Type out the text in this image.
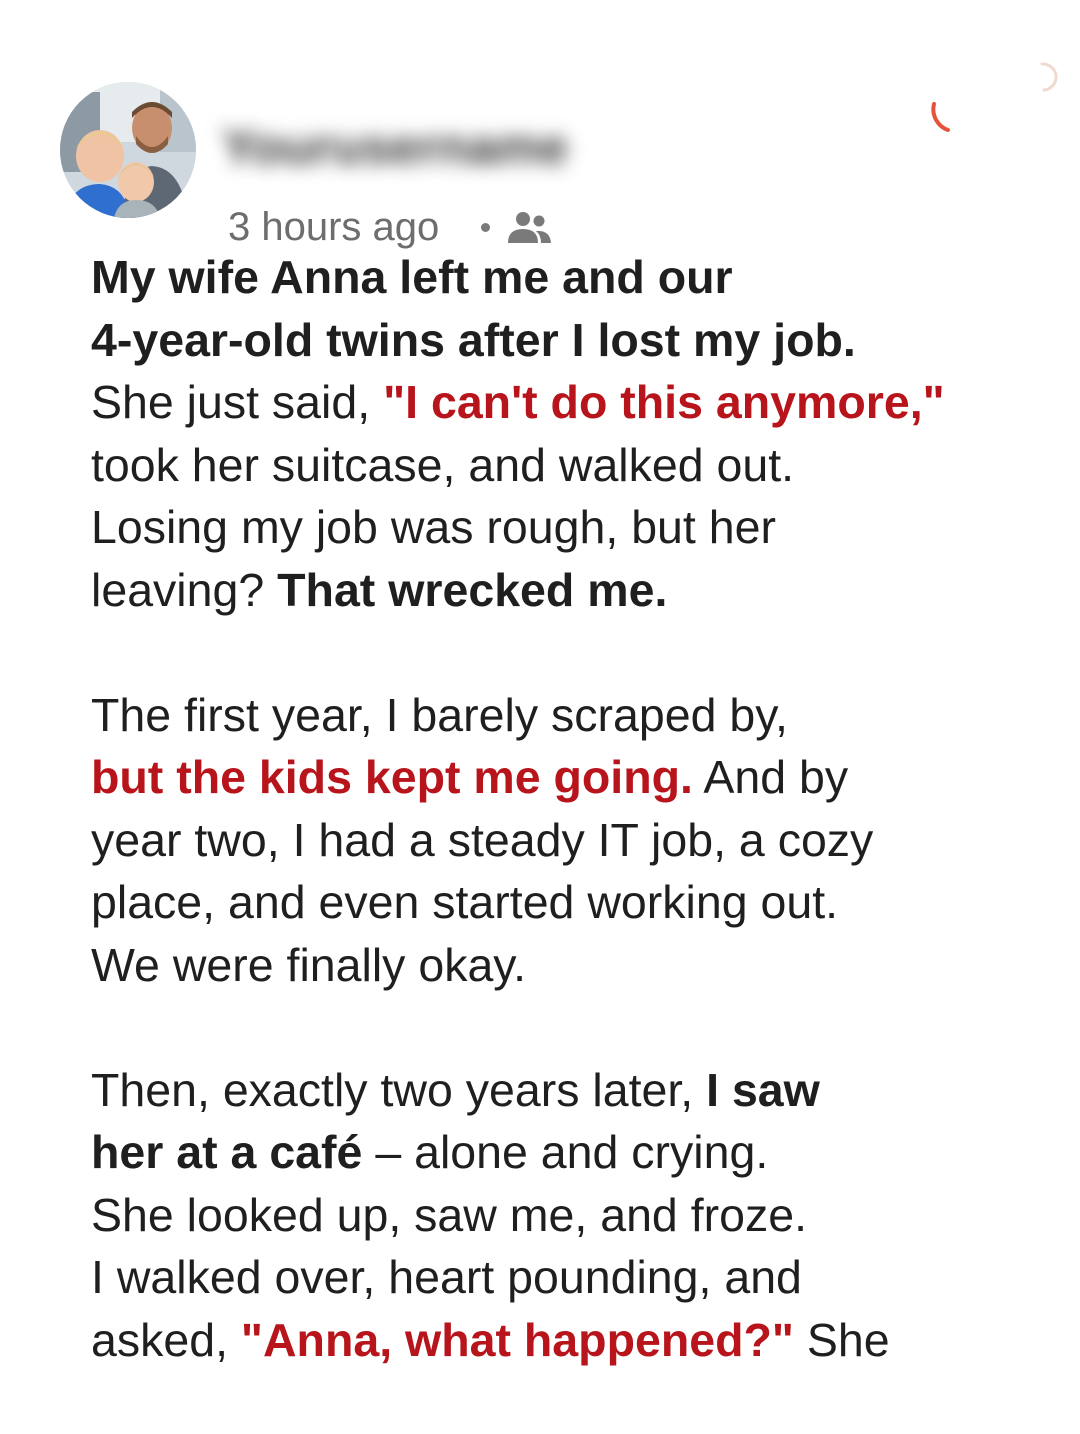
Yourusername
3 hours ago

My wife Anna left me and our
4-year-old twins after I lost my job.
She just said, "I can't do this anymore,"
took her suitcase, and walked out.
Losing my job was rough, but her
leaving? That wrecked me.

The first year, I barely scraped by,
but the kids kept me going. And by
year two, I had a steady IT job, a cozy
place, and even started working out.
We were finally okay.

Then, exactly two years later, I saw
her at a café – alone and crying.
She looked up, saw me, and froze.
I walked over, heart pounding, and
asked, "Anna, what happened?" She
